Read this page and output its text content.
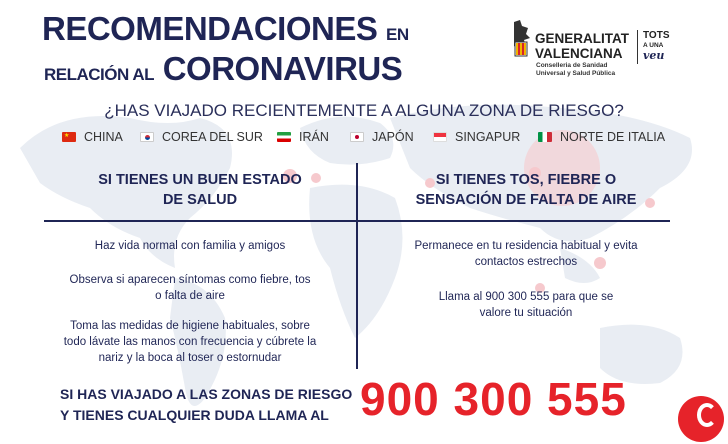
RECOMENDACIONES EN
RELACIÓN AL CORONAVIRUS
GENERALITAT
VALENCIANA
Conselleria de Sanidad
Universal y Salud Pública
TOTS
A UNA
veu
¿HAS VIAJADO RECIENTEMENTE A ALGUNA ZONA DE RIESGO?
★ CHINA	COREA DEL SUR	IRÁN	JAPÓN	SINGAPUR	NORTE DE ITALIA
SI TIENES UN BUEN ESTADO
DE SALUD
SI TIENES TOS, FIEBRE O
SENSACIÓN DE FALTA DE AIRE
Haz vida normal con familia y amigos
Observa si aparecen síntomas como fiebre, tos
o falta de aire
Toma las medidas de higiene habituales, sobre
todo lávate las manos con frecuencia y cúbrete la
nariz y la boca al toser o estornudar
Permanece en tu residencia habitual y evita
contactos estrechos
Llama al 900 300 555 para que se
valore tu situación
SI HAS VIAJADO A LAS ZONAS DE RIESGO
Y TIENES CUALQUIER DUDA LLAMA AL 900 300 555
